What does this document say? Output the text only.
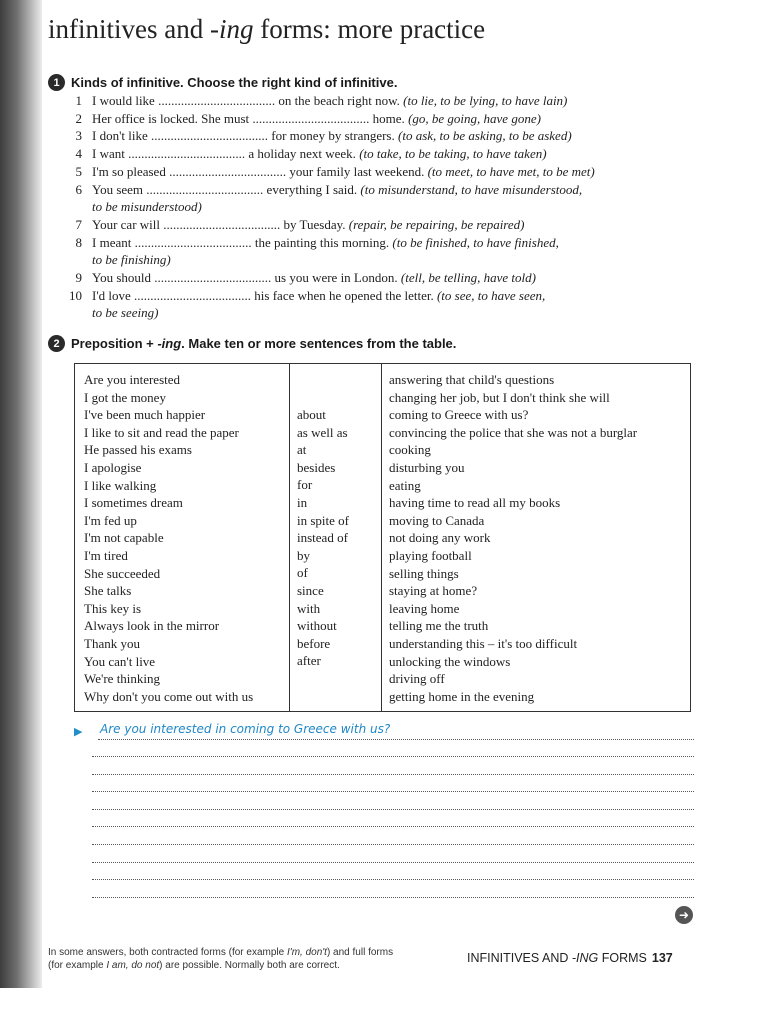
infinitives and -ing forms: more practice
1 Kinds of infinitive. Choose the right kind of infinitive.
1 I would like .................................... on the beach right now. (to lie, to be lying, to have lain)
2 Her office is locked. She must .................................... home. (go, be going, have gone)
3 I don't like .................................... for money by strangers. (to ask, to be asking, to be asked)
4 I want .................................... a holiday next week. (to take, to be taking, to have taken)
5 I'm so pleased .................................... your family last weekend. (to meet, to have met, to be met)
6 You seem .................................... everything I said. (to misunderstand, to have misunderstood,
to be misunderstood)
7 Your car will .................................... by Tuesday. (repair, be repairing, be repaired)
8 I meant .................................... the painting this morning. (to be finished, to have finished,
to be finishing)
9 You should .................................... us you were in London. (tell, be telling, have told)
10 I'd love .................................... his face when he opened the letter. (to see, to have seen,
to be seeing)
2 Preposition + -ing. Make ten or more sentences from the table.
Are you interested
I got the money
I've been much happier
I like to sit and read the paper
He passed his exams
I apologise
I like walking
I sometimes dream
I'm fed up
I'm not capable
I'm tired
She succeeded
She talks
This key is
Always look in the mirror
Thank you
You can't live
We're thinking
Why don't you come out with us
about
as well as
at
besides
for
in
in spite of
instead of
by
of
since
with
without
before
after
answering that child's questions
changing her job, but I don't think she will
coming to Greece with us?
convincing the police that she was not a burglar
cooking
disturbing you
eating
having time to read all my books
moving to Canada
not doing any work
playing football
selling things
staying at home?
leaving home
telling me the truth
understanding this – it's too difficult
unlocking the windows
driving off
getting home in the evening
▶ Are you interested in coming to Greece with us?
➜
In some answers, both contracted forms (for example I'm, don't) and full forms (for example I am, do not) are possible. Normally both are correct.
INFINITIVES AND -ING FORMS 137
